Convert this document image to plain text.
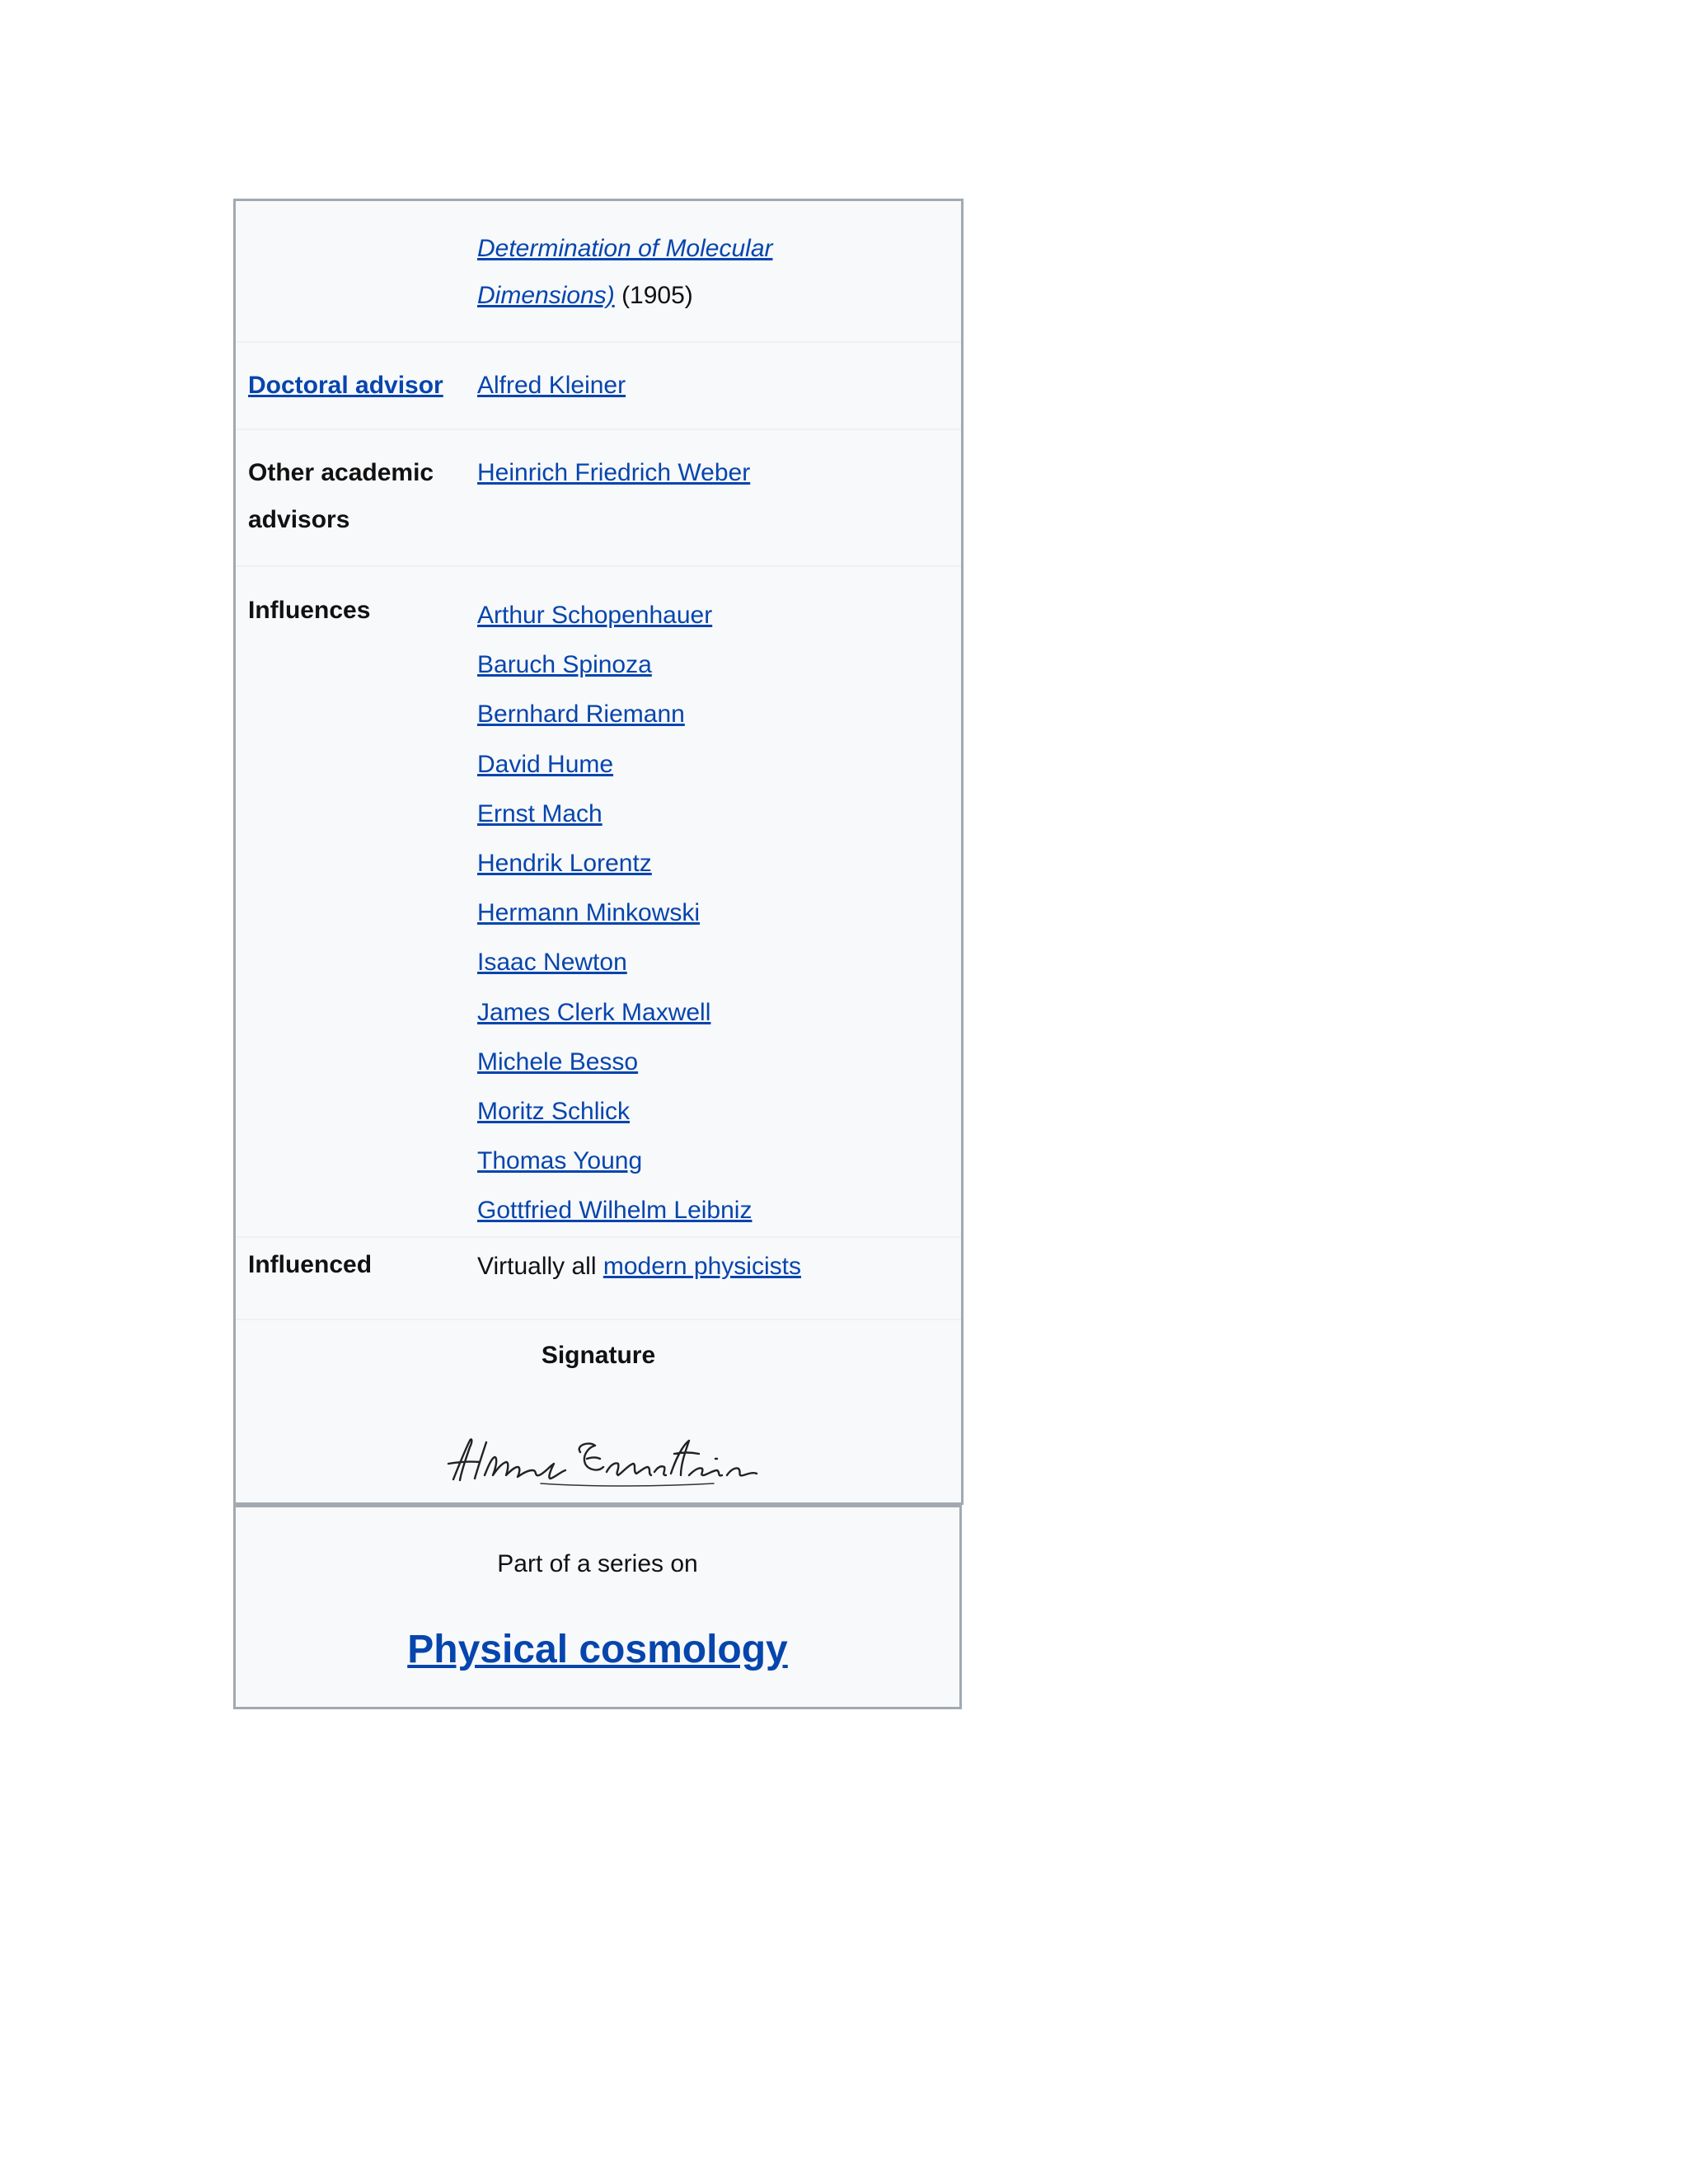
Determination of Molecular
Dimensions) (1905)
Doctoral advisor Alfred Kleiner
Other academic
advisors
Heinrich Friedrich Weber
Influences	Arthur Schopenhauer
Baruch Spinoza
Bernhard Riemann
David Hume
Ernst Mach
Hendrik Lorentz
Hermann Minkowski
Isaac Newton
James Clerk Maxwell
Michele Besso
Moritz Schlick
Thomas Young
Gottfried Wilhelm Leibniz
Influenced	Virtually all modern physicists
Signature
Part of a series on
Physical cosmology
